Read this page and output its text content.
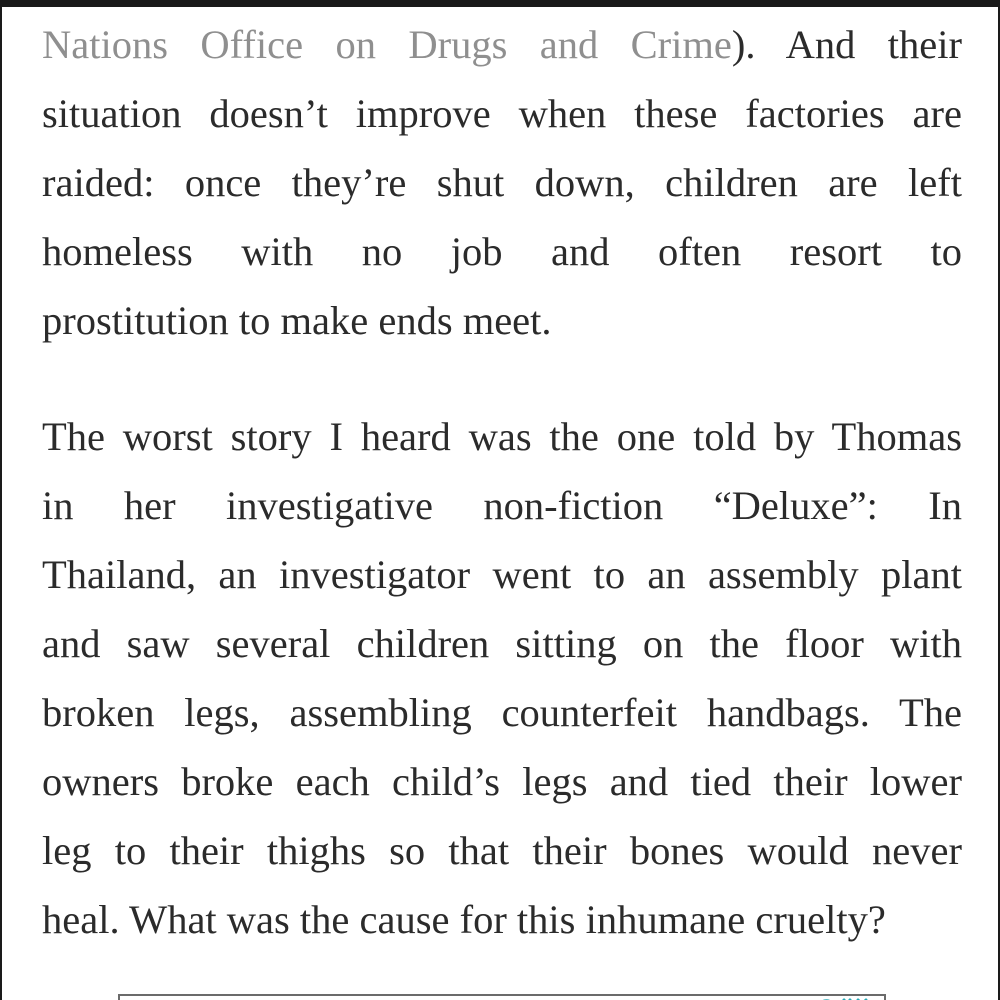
Nations Office on Drugs and Crime). And their
situation doesn’t improve when these factories are
raided: once they’re shut down, children are left
homeless with no job and often resort to
prostitution to make ends meet.
The worst story I heard was the one told by Thomas
in her investigative non-fiction “Deluxe”: In
Thailand, an investigator went to an assembly plant
and saw several children sitting on the floor with
broken legs, assembling counterfeit handbags. The
owners broke each child’s legs and tied their lower
leg to their thighs so that their bones would never
heal. What was the cause for this inhumane cruelty?
